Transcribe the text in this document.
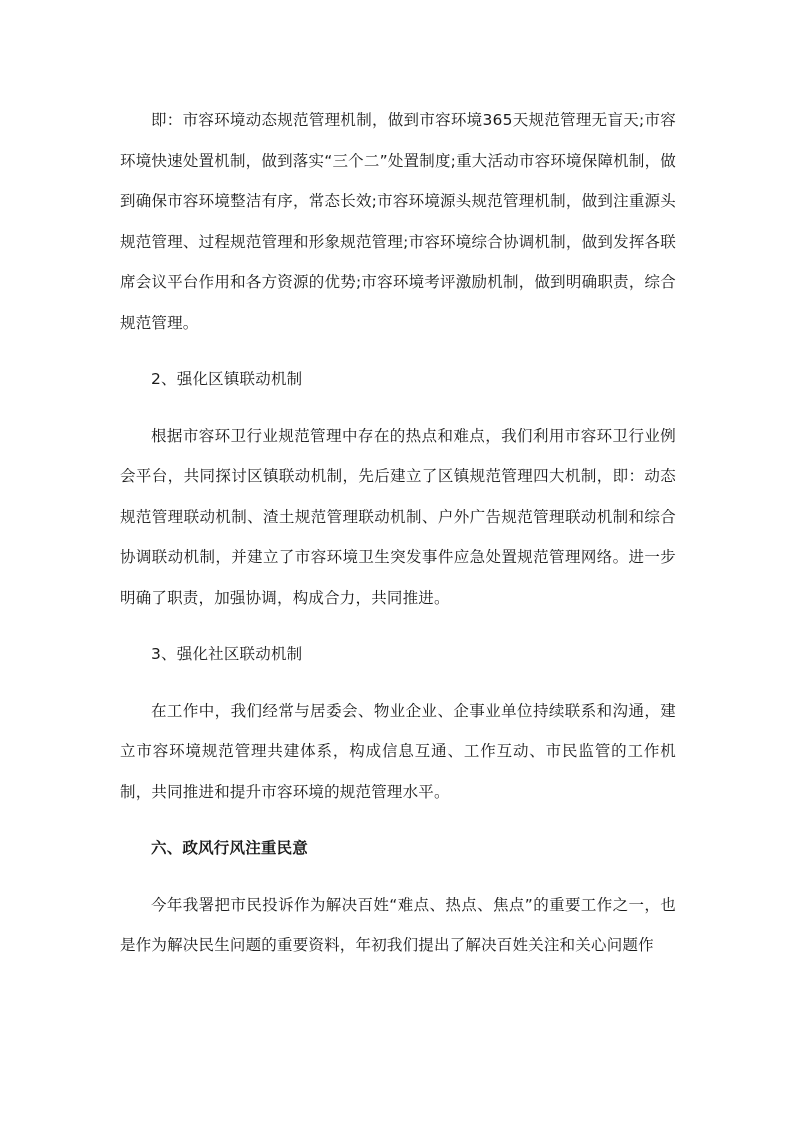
即：市容环境动态规范管理机制，做到市容环境365天规范管理无盲天;市容环境快速处置机制，做到落实“三个二”处置制度;重大活动市容环境保障机制，做到确保市容环境整洁有序，常态长效;市容环境源头规范管理机制，做到注重源头规范管理、过程规范管理和形象规范管理;市容环境综合协调机制，做到发挥各联席会议平台作用和各方资源的优势;市容环境考评激励机制，做到明确职责，综合规范管理。

2、强化区镇联动机制

根据市容环卫行业规范管理中存在的热点和难点，我们利用市容环卫行业例会平台，共同探讨区镇联动机制，先后建立了区镇规范管理四大机制，即：动态规范管理联动机制、渣土规范管理联动机制、户外广告规范管理联动机制和综合协调联动机制，并建立了市容环境卫生突发事件应急处置规范管理网络。进一步明确了职责，加强协调，构成合力，共同推进。

3、强化社区联动机制

在工作中，我们经常与居委会、物业企业、企事业单位持续联系和沟通，建立市容环境规范管理共建体系，构成信息互通、工作互动、市民监管的工作机制，共同推进和提升市容环境的规范管理水平。

六、政风行风注重民意

今年我署把市民投诉作为解决百姓“难点、热点、焦点”的重要工作之一，也是作为解决民生问题的重要资料，年初我们提出了解决百姓关注和关心问题作
